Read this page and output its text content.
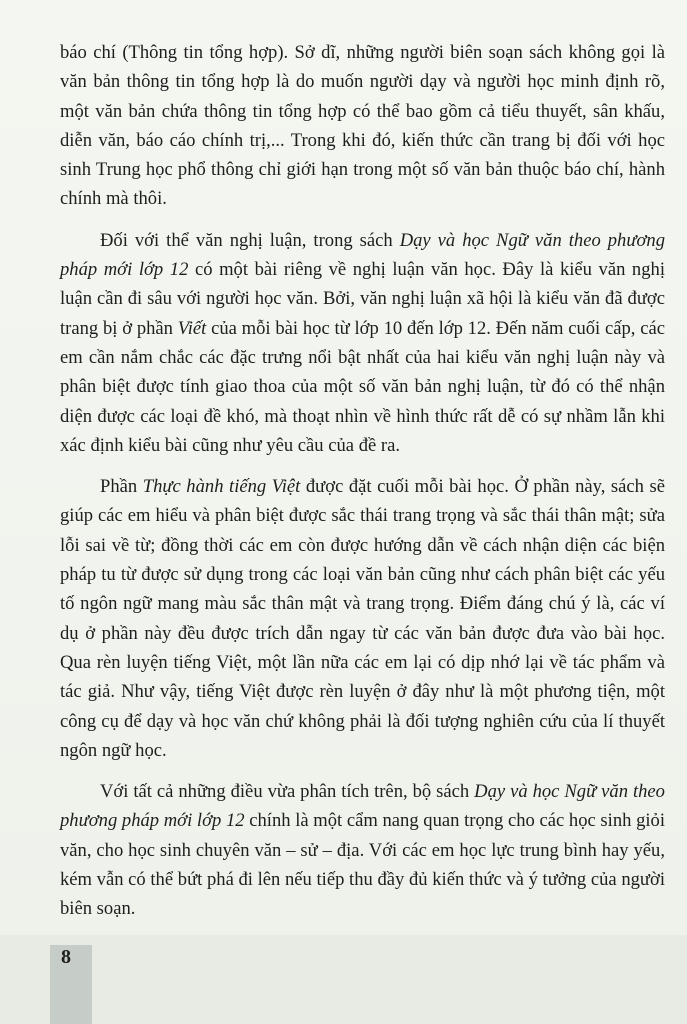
báo chí (Thông tin tổng hợp). Sở dĩ, những người biên soạn sách không gọi là văn bản thông tin tổng hợp là do muốn người dạy và người học minh định rõ, một văn bản chứa thông tin tổng hợp có thể bao gồm cả tiểu thuyết, sân khấu, diễn văn, báo cáo chính trị,... Trong khi đó, kiến thức cần trang bị đối với học sinh Trung học phổ thông chỉ giới hạn trong một số văn bản thuộc báo chí, hành chính mà thôi.

Đối với thể văn nghị luận, trong sách Dạy và học Ngữ văn theo phương pháp mới lớp 12 có một bài riêng về nghị luận văn học. Đây là kiểu văn nghị luận cần đi sâu với người học văn. Bởi, văn nghị luận xã hội là kiểu văn đã được trang bị ở phần Viết của mỗi bài học từ lớp 10 đến lớp 12. Đến năm cuối cấp, các em cần nắm chắc các đặc trưng nổi bật nhất của hai kiểu văn nghị luận này và phân biệt được tính giao thoa của một số văn bản nghị luận, từ đó có thể nhận diện được các loại đề khó, mà thoạt nhìn về hình thức rất dễ có sự nhầm lẫn khi xác định kiểu bài cũng như yêu cầu của đề ra.

Phần Thực hành tiếng Việt được đặt cuối mỗi bài học. Ở phần này, sách sẽ giúp các em hiểu và phân biệt được sắc thái trang trọng và sắc thái thân mật; sửa lỗi sai về từ; đồng thời các em còn được hướng dẫn về cách nhận diện các biện pháp tu từ được sử dụng trong các loại văn bản cũng như cách phân biệt các yếu tố ngôn ngữ mang màu sắc thân mật và trang trọng. Điểm đáng chú ý là, các ví dụ ở phần này đều được trích dẫn ngay từ các văn bản được đưa vào bài học. Qua rèn luyện tiếng Việt, một lần nữa các em lại có dịp nhớ lại về tác phẩm và tác giả. Như vậy, tiếng Việt được rèn luyện ở đây như là một phương tiện, một công cụ để dạy và học văn chứ không phải là đối tượng nghiên cứu của lí thuyết ngôn ngữ học.

Với tất cả những điều vừa phân tích trên, bộ sách Dạy và học Ngữ văn theo phương pháp mới lớp 12 chính là một cẩm nang quan trọng cho các học sinh giỏi văn, cho học sinh chuyên văn – sử – địa. Với các em học lực trung bình hay yếu, kém vẫn có thể bứt phá đi lên nếu tiếp thu đầy đủ kiến thức và ý tưởng của người biên soạn.

8
